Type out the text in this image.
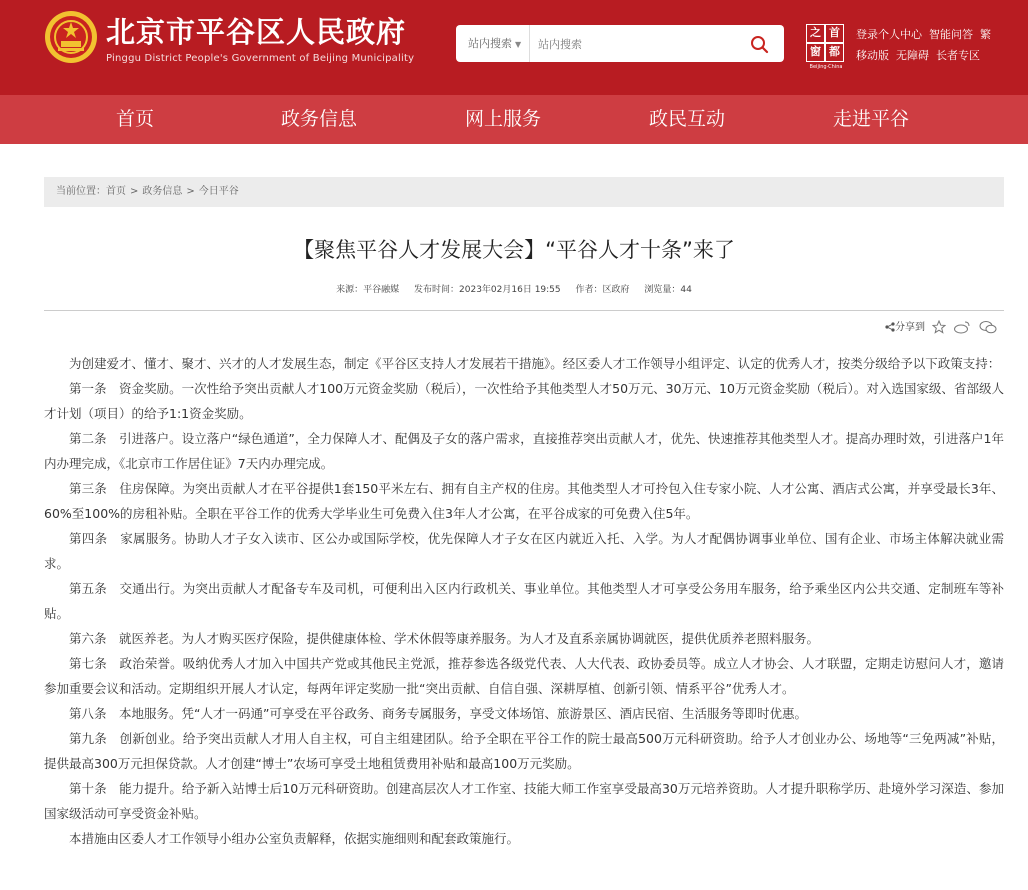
北京市平谷区人民政府
Pinggu District People's Government of Beijing Municipality
站内搜索 ▼
站内搜索
首
都
之
窗
Beijing·China
登录个人中心 智能问答 繁
移动版 无障碍 长者专区
首页	政务信息	网上服务	政民互动	走进平谷
当前位置：首页 > 政务信息 > 今日平谷
【聚焦平谷人才发展大会】“平谷人才十条”来了
来源：平谷融媒 发布时间：2023年02月16日 19:55 作者：区政府 浏览量：44
分享到

为创建爱才、懂才、聚才、兴才的人才发展生态，制定《平谷区支持人才发展若干措施》。经区委人才工作领导小组评定、认定的优秀人才，按类分级给予以下政策支持：

第一条　资金奖励。一次性给予突出贡献人才100万元资金奖励（税后），一次性给予其他类型人才50万元、30万元、10万元资金奖励（税后）。对入选国家级、省部级人才计划（项目）的给予1:1资金奖励。

第二条　引进落户。设立落户“绿色通道”，全力保障人才、配偶及子女的落户需求，直接推荐突出贡献人才，优先、快速推荐其他类型人才。提高办理时效，引进落户1年内办理完成，《北京市工作居住证》7天内办理完成。

第三条　住房保障。为突出贡献人才在平谷提供1套150平米左右、拥有自主产权的住房。其他类型人才可拎包入住专家小院、人才公寓、酒店式公寓，并享受最长3年、60%至100%的房租补贴。全职在平谷工作的优秀大学毕业生可免费入住3年人才公寓，在平谷成家的可免费入住5年。

第四条　家属服务。协助人才子女入读市、区公办或国际学校，优先保障人才子女在区内就近入托、入学。为人才配偶协调事业单位、国有企业、市场主体解决就业需求。

第五条　交通出行。为突出贡献人才配备专车及司机，可便利出入区内行政机关、事业单位。其他类型人才可享受公务用车服务，给予乘坐区内公共交通、定制班车等补贴。

第六条　就医养老。为人才购买医疗保险，提供健康体检、学术休假等康养服务。为人才及直系亲属协调就医，提供优质养老照料服务。

第七条　政治荣誉。吸纳优秀人才加入中国共产党或其他民主党派，推荐参选各级党代表、人大代表、政协委员等。成立人才协会、人才联盟，定期走访慰问人才，邀请参加重要会议和活动。定期组织开展人才认定，每两年评定奖励一批“突出贡献、自信自强、深耕厚植、创新引领、情系平谷”优秀人才。

第八条　本地服务。凭“人才一码通”可享受在平谷政务、商务专属服务，享受文体场馆、旅游景区、酒店民宿、生活服务等即时优惠。

第九条　创新创业。给予突出贡献人才用人自主权，可自主组建团队。给予全职在平谷工作的院士最高500万元科研资助。给予人才创业办公、场地等“三免两减”补贴，提供最高300万元担保贷款。人才创建“博士”农场可享受土地租赁费用补贴和最高100万元奖励。

第十条　能力提升。给予新入站博士后10万元科研资助。创建高层次人才工作室、技能大师工作室享受最高30万元培养资助。人才提升职称学历、赴境外学习深造、参加国家级活动可享受资金补贴。

本措施由区委人才工作领导小组办公室负责解释，依据实施细则和配套政策施行。
